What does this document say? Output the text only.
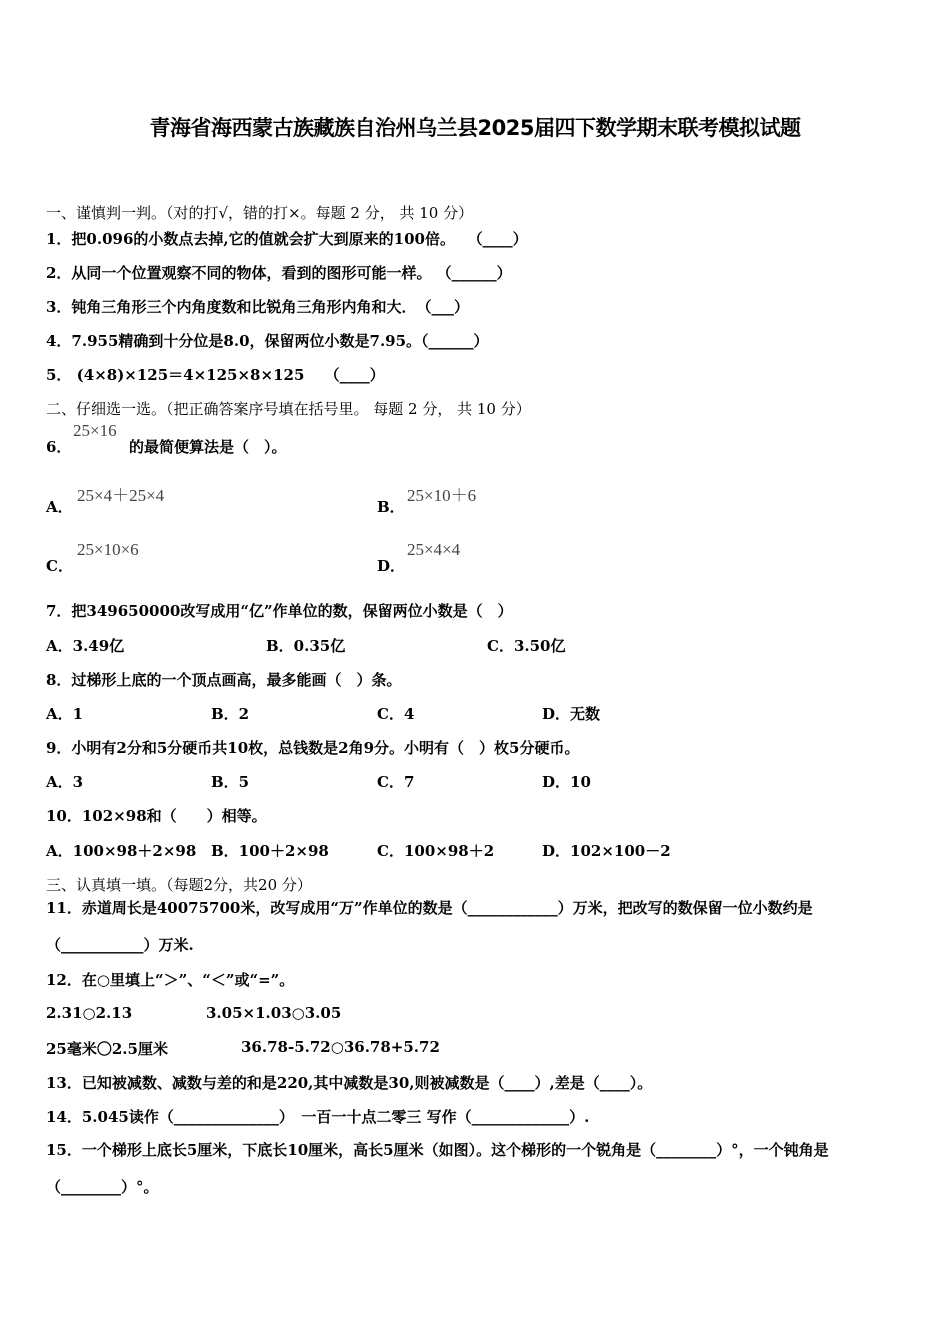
青海省海西蒙古族藏族自治州乌兰县2025届四下数学期末联考模拟试题
一、谨慎判一判。（对的打√，错的打×。每题 2 分， 共 10 分）
1．把0.096的小数点去掉,它的值就会扩大到原来的100倍。　 （____）
2．从同一个位置观察不同的物体，看到的图形可能一样。 （______）
3．钝角三角形三个内角度数和比锐角三角形内角和大．　（___）
4．7.955精确到十分位是8.0，保留两位小数是7.95。（______）
5． (4×8)×125＝4×125×8×125　 （____）
二、仔细选一选。（把正确答案序号填在括号里。 每题 2 分， 共 10 分）
6．
25×16
的最简便算法是（　）。
A．
25×4＋25×4
B．
25×10＋6
C．
25×10×6
D．
25×4×4
7．把349650000改写成用“亿”作单位的数，保留两位小数是（　）
A．3.49亿	B．0.35亿	C．3.50亿
8．过梯形上底的一个顶点画高，最多能画（　）条。
A．1	B．2	C．4	D．无数
9．小明有2分和5分硬币共10枚，总钱数是2角9分。小明有（　）枚5分硬币。
A．3	B．5	C．7	D．10
10．102×98和（　　）相等。
A．100×98＋2×98 B．100＋2×98	C．100×98＋2	D．102×100－2
三、认真填一填。（每题2分，共20 分）
11．赤道周长是40075700米，改写成用“万”作单位的数是（____________）万米，把改写的数保留一位小数约是（___________）万米.
12．在○里填上“＞”、“＜”或“=”。
2.31○2.13	3.05×1.03○3.05
25毫米〇2.5厘米	36.78-5.72○36.78+5.72
13．已知被减数、减数与差的和是220,其中减数是30,则被减数是（____）,差是（____）。
14．5.045读作（______________）　一百一十点二零三 写作（_____________）.
15．一个梯形上底长5厘米，下底长10厘米，高长5厘米（如图）。这个梯形的一个锐角是（________）°，一个钝角是（________）°。
